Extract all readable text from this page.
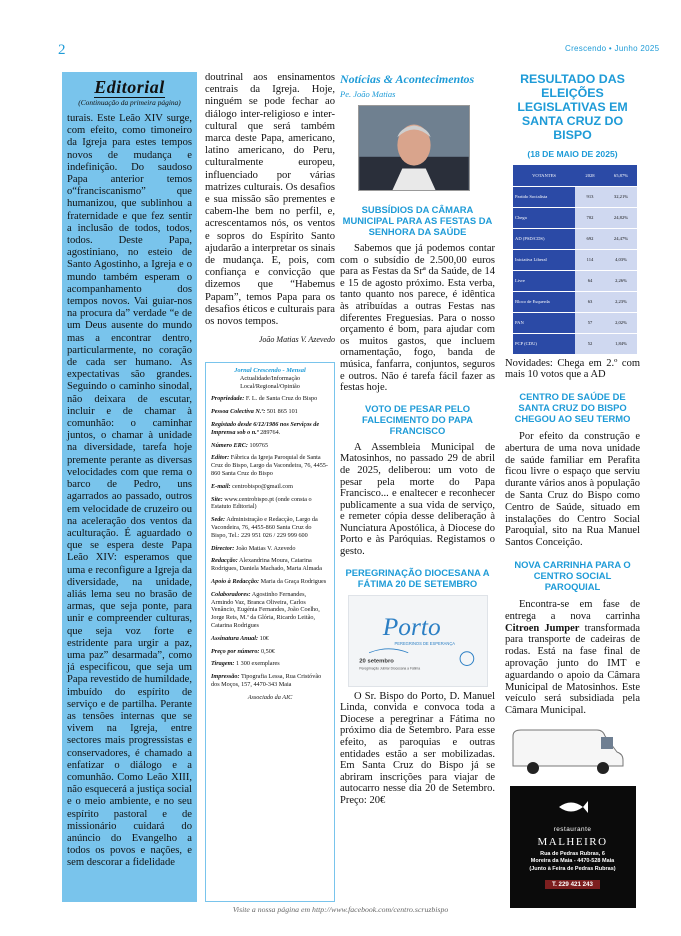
2	Crescendo • Junho 2025
Editorial
(Continuação da primeira página)
turais. Este Leão XIV surge, com efeito, como timoneiro da Igreja para estes tempos novos de mudança e indefinição. Do saudoso Papa anterior temos o“franciscanismo” que humanizou, que sublinhou a fraternidade e que fez sentir a inclusão de todos, todos, todos. Deste Papa, agostiniano, no esteio de Santo Agostinho, a Igreja e o mundo também esperam o acompanhamento dos tempos novos. Vai guiar-nos na procura da” verdade “e de um Deus ausente do mundo mas a encontrar dentro, particularmente, no coração de cada ser humano. As expectativas são grandes. Seguindo o caminho sinodal, não deixara de escutar, incluir e de chamar à comunhão: o caminhar juntos, o chamar à unidade na diversidade, tarefa hoje premente perante as diversas velocidades com que rema o barco de Pedro, uns agarrados ao passado, outros em velocidade de cruzeiro ou na aceleração dos ventos da aculturação. É aguardado o que se espera deste Papa Leão XIV: esperamos que uma e reconfigure a Igreja da diversidade, na unidade, aliás lema seu no brasão de armas, que seja ponte, para unir e compreender culturas, que seja voz forte e estridente para urgir a paz, uma paz” desarmada”, como já especificou, que seja um Papa revestido de humildade, imbuído do espírito de serviço e de partilha. Perante as tensões internas que se vivem na Igreja, entre sectores mais progressistas e conservadores, é chamado a enfatizar o diálogo e a comunhão. Como Leão XIII, não esquecerá a justiça social e o meio ambiente, e no seu espírito pastoral e de missionário cuidará do anúncio do Evangelho a todos os povos e nações, e sem descorar a fidelidade
doutrinal aos ensinamentos centrais da Igreja. Hoje, ninguém se pode fechar ao diálogo inter-religioso e inter-cultural que será também marca deste Papa, americano, latino americano, do Peru, culturalmente europeu, influenciado por várias matrizes culturais. Os desafios e sua missão são prementes e cabem-lhe bem no perfil, e, acrescentamos nós, os ventos e sopros do Espírito Santo ajudarão a interpretar os sinais de mudança. E, pois, com confiança e convicção que dizemos que “Habemus Papam”, temos Papa para os desafios éticos e culturais para os novos tempos.
João Matias V. Azevedo
Jornal Crescendo - Mensal
Actualidade/Informação
Local/Regional/Opinião

Propriedade: F. L. de Santa Cruz do Bispo

Pessoa Colectiva N.º: 501 865 101

Registado desde 6/12/1986 nos Serviços de Imprensa sob o n.º 289764.

Número ERC: 109765

Editor: Fábrica da Igreja Paroquial de Santa Cruz do Bispo, Largo da Vacondeira, 76, 4455-860 Santa Cruz do Bispo

E-mail: centrobispo@gmail.com

Site: www.centrobispo.pt (onde consta o Estatuto Editorial)

Sede: Administração e Redacção, Largo da Vacondeira, 76, 4455-860 Santa Cruz do Bispo, Tel.: 229 951 026 / 229 999 600

Director: João Matias V. Azevedo

Redacção: Alexandrina Moura, Catarina Rodrigues, Daniela Machado, Marta Almada

Apoio à Redacção: Maria da Graça Rodrigues

Colaboradores: Agostinho Fernandes, Armindo Vaz, Branca Oliveira, Carlos Venâncio, Eugénia Fernandes, João Coelho, Jorge Reis, M.ª da Glória, Ricardo Leitão, Catarina Rodrigues

Assinatura Anual: 10€

Preço por número: 0,50€

Tiragem: 1 300 exemplares

Impressão: Tipografia Lessa, Rua Cristóvão dos Moços, 157, 4470-343 Maia

Associado da AIC

Notícias & Acontecimentos
Pe. João Matias
SUBSÍDIOS DA CÂMARA MUNICIPAL PARA AS FESTAS DA SENHORA DA SAÚDE
Sabemos que já podemos contar com o subsídio de 2.500,00 euros para as Festas da Srª da Saúde, de 14 e 15 de agosto próximo. Esta verba, tanto quanto nos parece, é idêntica às atribuídas a outras Festas nas diferentes Freguesias. Para o nosso orçamento é bom, para ajudar com os muitos gastos, que incluem ornamentação, fogo, banda de música, fanfarra, conjuntos, seguros e outros. Não é tarefa fácil fazer as festas hoje.
VOTO DE PESAR PELO FALECIMENTO DO PAPA FRANCISCO
A Assembleia Municipal de Matosinhos, no passado 29 de abril de 2025, deliberou: um voto de pesar pela morte do Papa Francisco... e enaltecer e reconhecer publicamente a sua vida de serviço, e remeter cópia desse deliberação à Nunciatura Apostólica, à Diocese do Porto e às Paróquias. Registamos o gesto.
PEREGRINAÇÃO DIOCESANA A FÁTIMA 20 DE SETEMBRO
Porto
PEREGRINOS DE ESPERANÇA
20 setembro
Peregrinação Jubilar Diocesana a Fátima
O Sr. Bispo do Porto, D. Manuel Linda, convida e convoca toda a Diocese a peregrinar a Fátima no próximo dia de Setembro. Para esse efeito, as paroquias e outras entidades estão a ser mobilizadas. Em Santa Cruz do Bispo já se abriram inscrições para viajar de autocarro nesse dia 20 de Setembro. Preço: 20€
RESULTADO DAS ELEIÇÕES LEGISLATIVAS EM SANTA CRUZ DO BISPO
(18 DE MAIO DE 2025)
VOTANTES	2028	65,87%
Partido Socialista	913	32,21%
Chega	702	24,82%
AD (PSD/CDS)	692	24,47%
Iniciativa Liberal	114	4,03%
Livre	64	2,26%
Bloco de Esquerda	63	2,23%
PAN	57	2,02%
PCP (CDU)	52	1,84%
Novidades: Chega em 2.º com mais 10 votos que a AD
CENTRO DE SAÚDE DE SANTA CRUZ DO BISPO CHEGOU AO SEU TERMO
Por efeito da construção e abertura de uma nova unidade de saúde familiar em Perafita ficou livre o espaço que serviu durante vários anos à população de Santa Cruz do Bispo como Centro de Saúde, situado em instalações do Centro Social Paroquial, sito na Rua Manuel Santos Conceição.
NOVA CARRINHA PARA O CENTRO SOCIAL PAROQUIAL
Encontra-se em fase de entrega a nova carrinha Citroen Jumper transformada para transporte de cadeiras de rodas. Está na fase final de aprovação junto do IMT e aguardando o apoio da Câmara Municipal de Matosinhos. Este veículo será subsidiada pela Câmara Municipal.
restaurante
MALHEIRO
Rua de Pedras Rubras, 6
Moreira da Maia - 4470-528 Maia
(Junto à Feira de Pedras Rubras)
T. 229 421 243
Visite a nossa página em http://www.facebook.com/centro.scruzbispo
